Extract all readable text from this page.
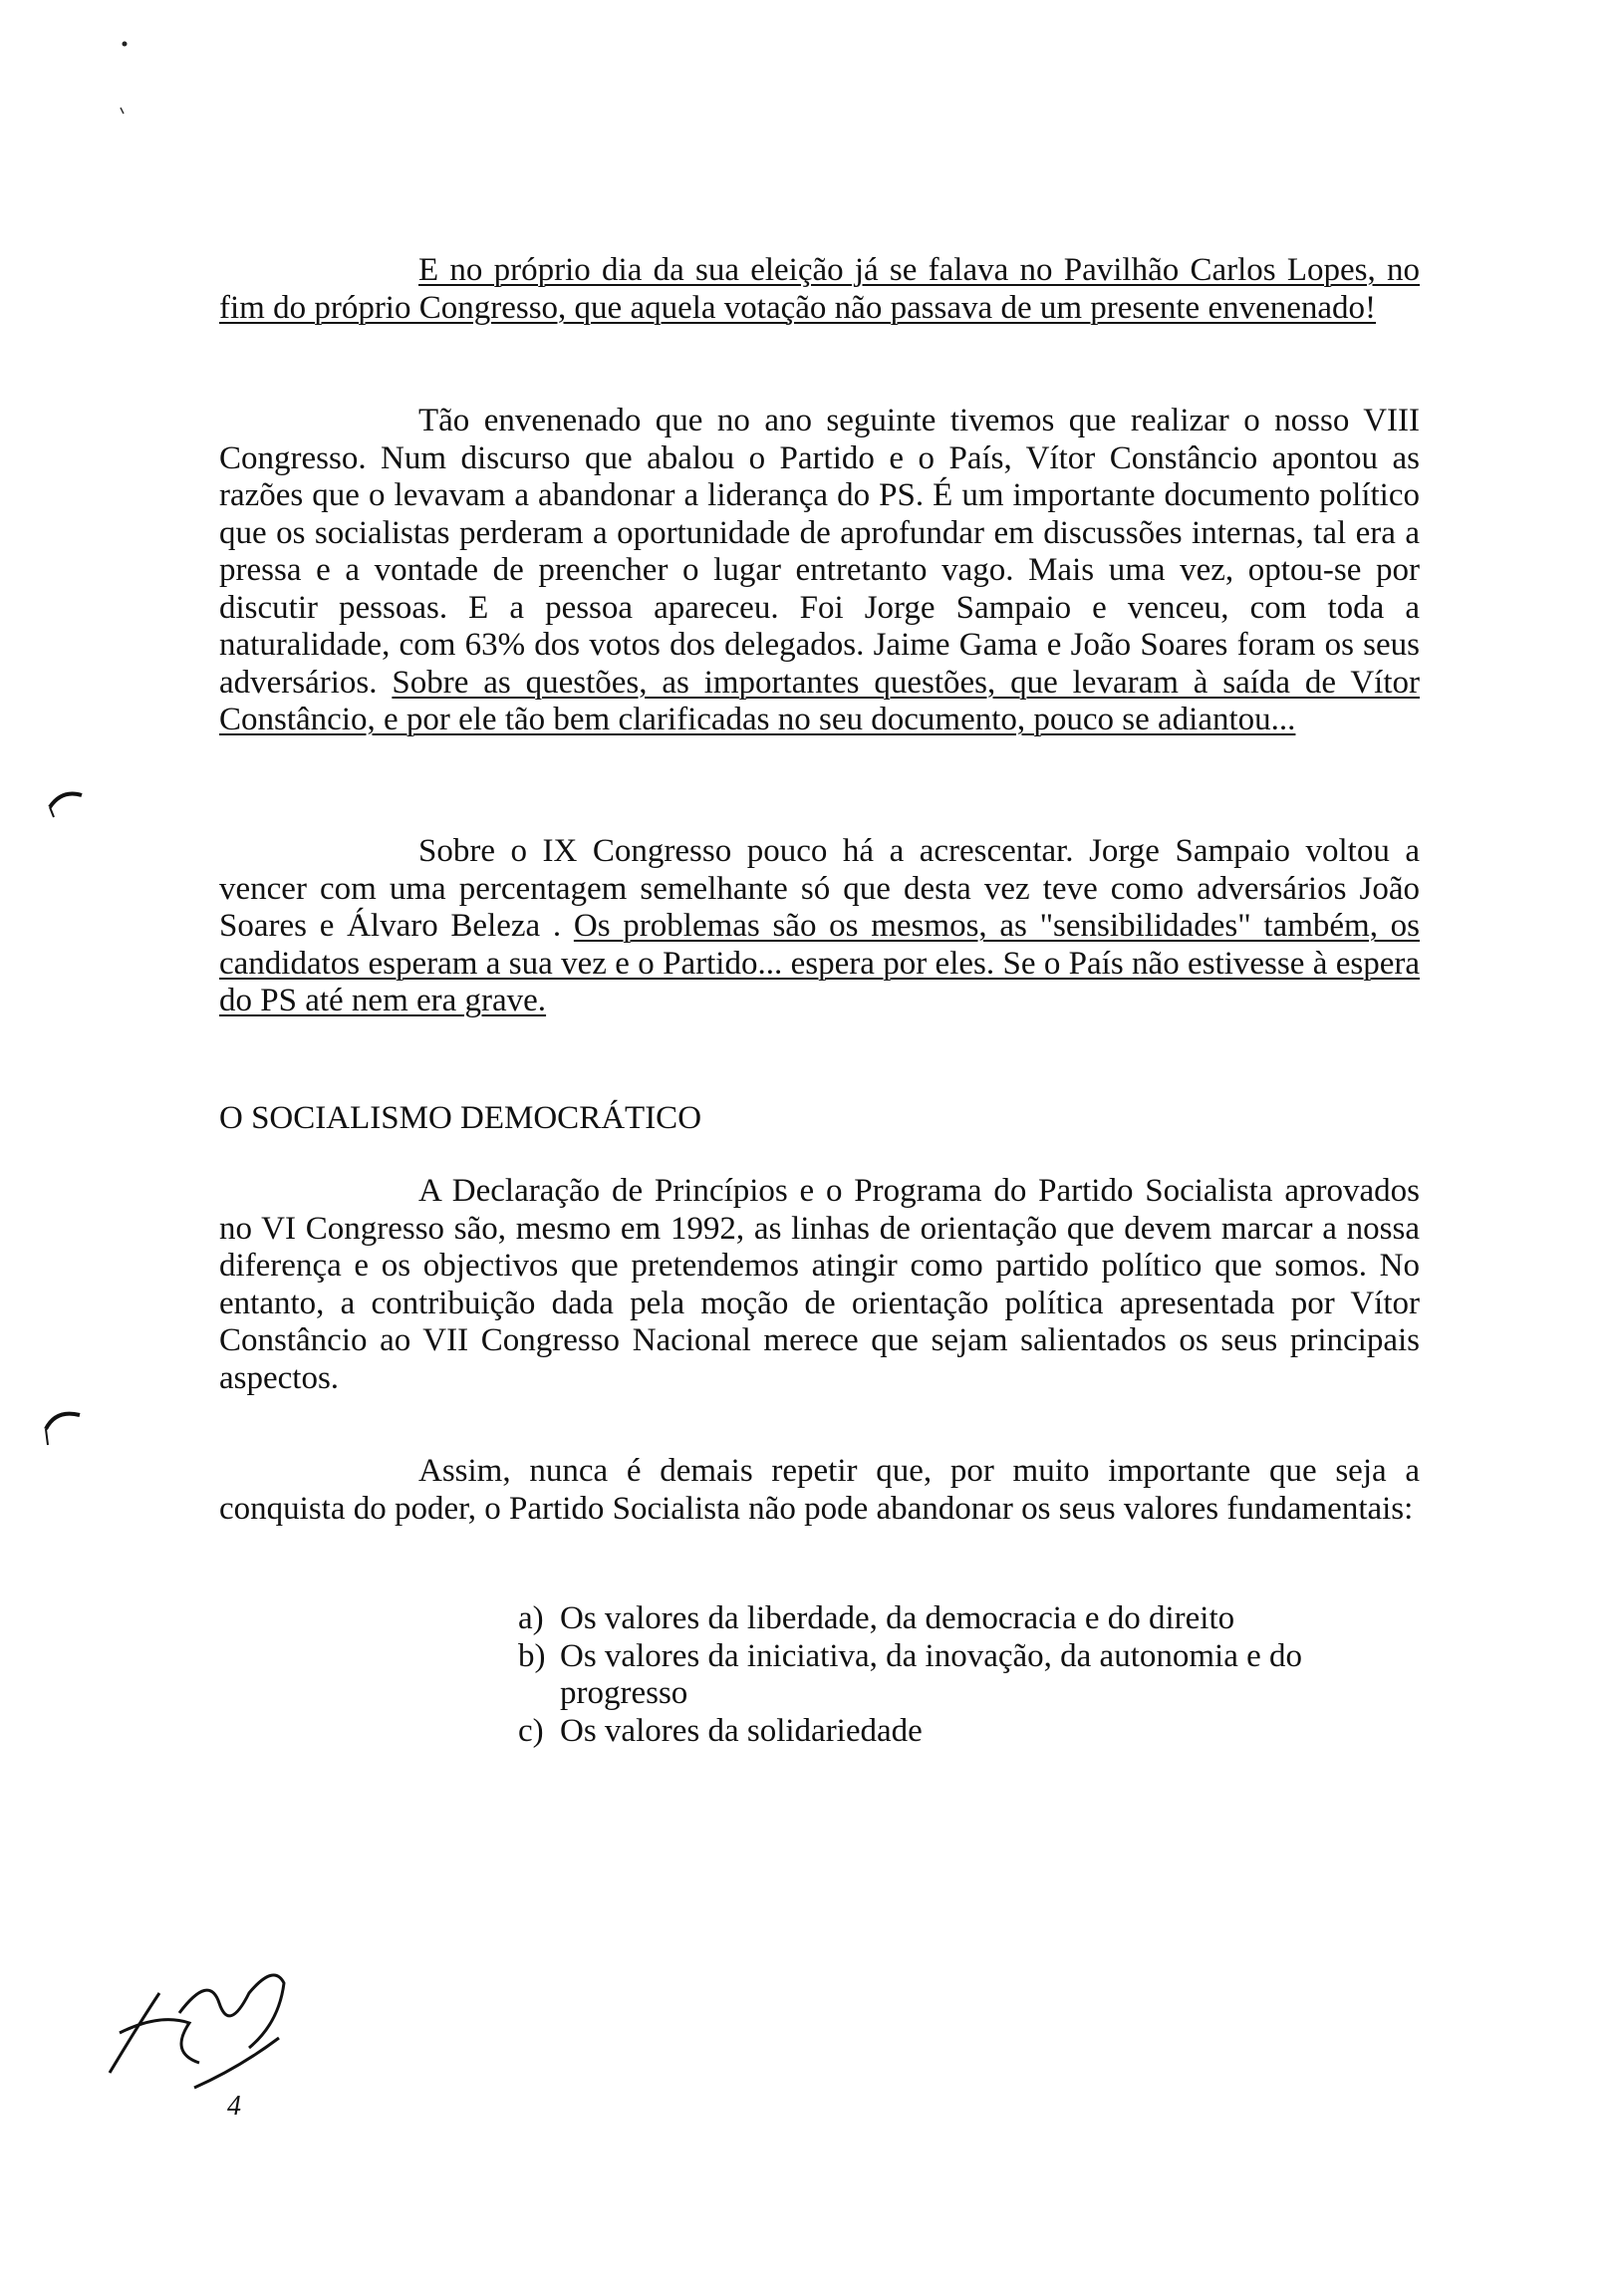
E no próprio dia da sua eleição já se falava no Pavilhão Carlos Lopes, no fim do próprio Congresso, que aquela votação não passava de um presente envenenado!

Tão envenenado que no ano seguinte tivemos que realizar o nosso VIII Congresso. Num discurso que abalou o Partido e o País, Vítor Constâncio apontou as razões que o levavam a abandonar a liderança do PS. É um importante documento político que os socialistas perderam a oportunidade de aprofundar em discussões internas, tal era a pressa e a vontade de preencher o lugar entretanto vago. Mais uma vez, optou-se por discutir pessoas. E a pessoa apareceu. Foi Jorge Sampaio e venceu, com toda a naturalidade, com 63% dos votos dos delegados. Jaime Gama e João Soares foram os seus adversários. Sobre as questões, as importantes questões, que levaram à saída de Vítor Constâncio, e por ele tão bem clarificadas no seu documento, pouco se adiantou...

Sobre o IX Congresso pouco há a acrescentar. Jorge Sampaio voltou a vencer com uma percentagem semelhante só que desta vez teve como adversários João Soares e Álvaro Beleza . Os problemas são os mesmos, as "sensibilidades" também, os candidatos esperam a sua vez e o Partido... espera por eles. Se o País não estivesse à espera do PS até nem era grave.

O SOCIALISMO DEMOCRÁTICO

A Declaração de Princípios e o Programa do Partido Socialista aprovados no VI Congresso são, mesmo em 1992, as linhas de orientação que devem marcar a nossa diferença e os objectivos que pretendemos atingir como partido político que somos. No entanto, a contribuição dada pela moção de orientação política apresentada por Vítor Constâncio ao VII Congresso Nacional merece que sejam salientados os seus principais aspectos.

Assim, nunca é demais repetir que, por muito importante que seja a conquista do poder, o Partido Socialista não pode abandonar os seus valores fundamentais:

a) Os valores da liberdade, da democracia e do direito
b) Os valores da iniciativa, da inovação, da autonomia e do progresso
c) Os valores da solidariedade
4
